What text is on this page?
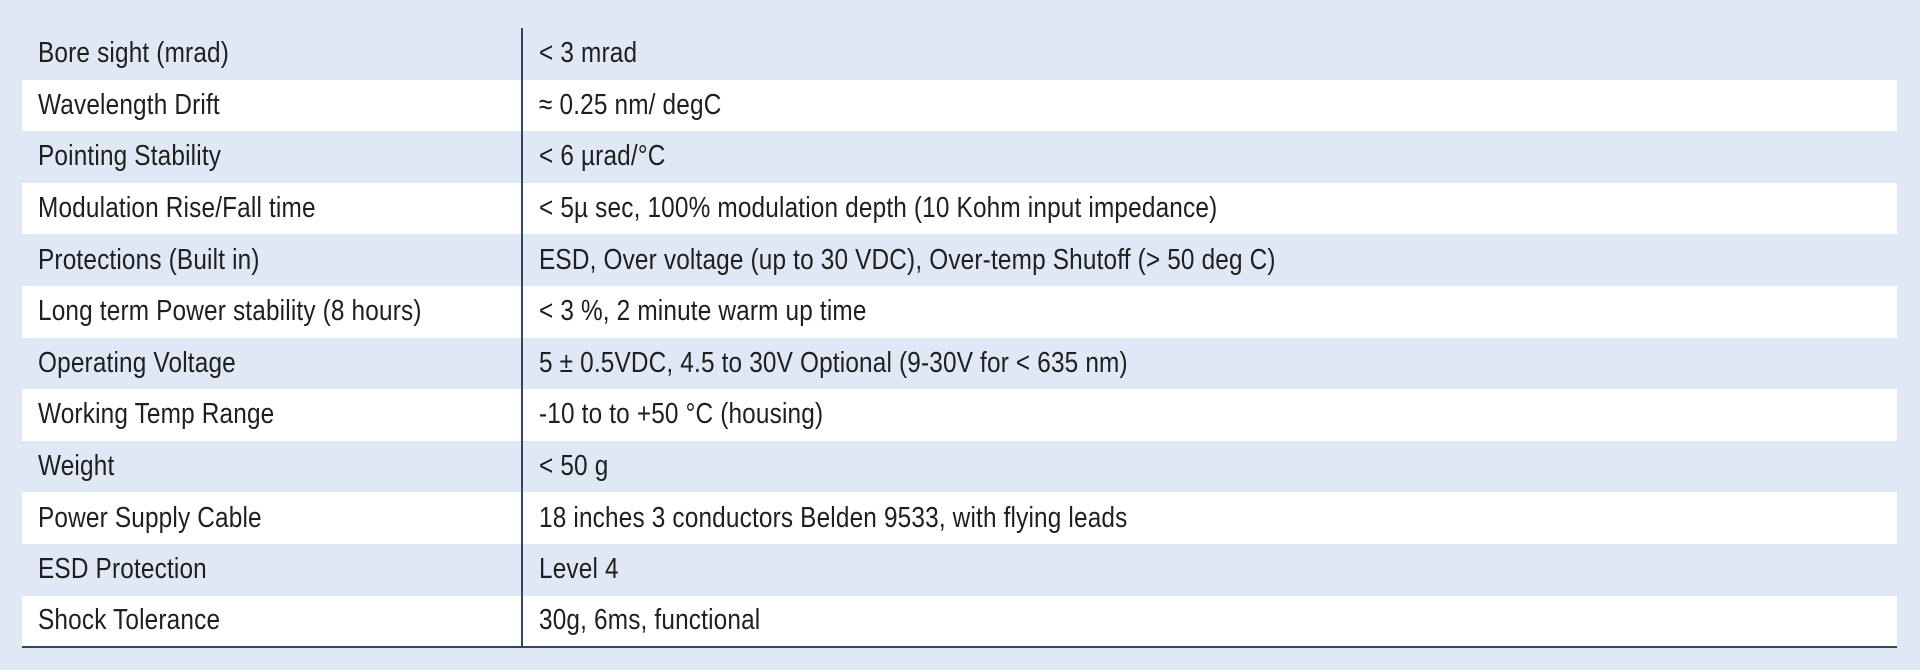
Bore sight (mrad)	< 3 mrad
Wavelength Drift	≈ 0.25 nm/ degC
Pointing Stability	< 6 µrad/°C
Modulation Rise/Fall time	< 5µ sec, 100% modulation depth (10 Kohm input impedance)
Protections (Built in)	ESD, Over voltage (up to 30 VDC), Over-temp Shutoff (> 50 deg C)
Long term Power stability (8 hours)	< 3 %, 2 minute warm up time
Operating Voltage	5 ± 0.5VDC, 4.5 to 30V Optional (9-30V for < 635 nm)
Working Temp Range	-10 to to +50 °C (housing)
Weight	< 50 g
Power Supply Cable	18 inches 3 conductors Belden 9533, with flying leads
ESD Protection	Level 4
Shock Tolerance	30g, 6ms, functional
